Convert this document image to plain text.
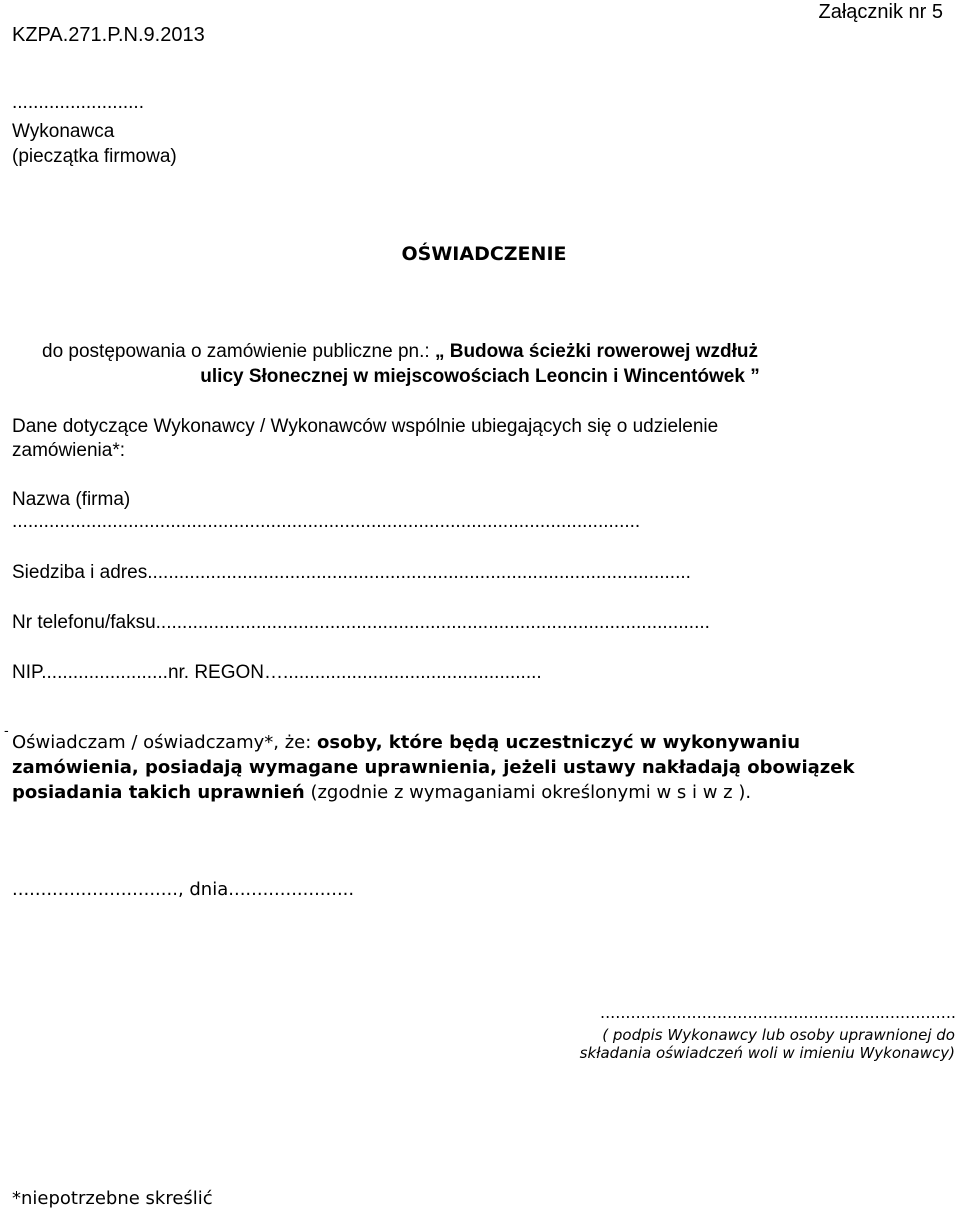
KZPA.271.P.N.9.2013
Załącznik nr 5
.........................
Wykonawca
(pieczątka firmowa)
OŚWIADCZENIE
do postępowania o zamówienie publiczne pn.: „ Budowa ścieżki rowerowej wzdłuż
ulicy Słonecznej w miejscowościach Leoncin i Wincentówek ”
Dane dotyczące Wykonawcy / Wykonawców wspólnie ubiegających się o udzielenie
zamówienia*:
Nazwa (firma)
.......................................................................................................................
Siedziba i adres.......................................................................................................
Nr telefonu/faksu.........................................................................................................
NIP........................nr. REGON….................................................
-
Oświadczam / oświadczamy*, że: osoby, które będą uczestniczyć w wykonywaniu
zamówienia, posiadają wymagane uprawnienia, jeżeli ustawy nakładają obowiązek
posiadania takich uprawnień (zgodnie z wymaganiami określonymi w s i w z ).
............................., dnia......................
......................................................................
( podpis Wykonawcy lub osoby uprawnionej do
składania oświadczeń woli w imieniu Wykonawcy)
*niepotrzebne skreślić
